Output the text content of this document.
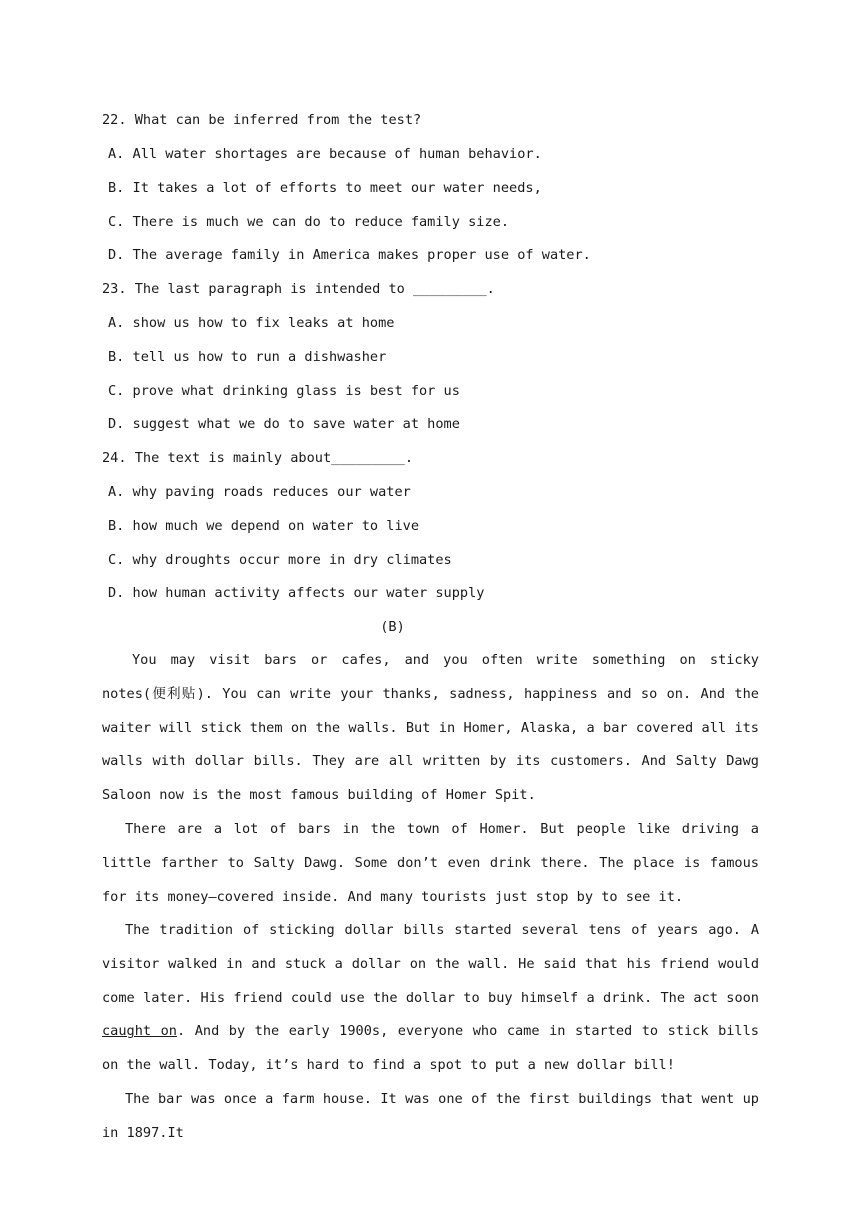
22. What can be inferred from the test?
A. All water shortages are because of human behavior.
B. It takes a lot of efforts to meet our water needs,
C. There is much we can do to reduce family size.
D. The average family in America makes proper use of water.
23. The last paragraph is intended to _________.
A. show us how to fix leaks at home
B. tell us how to run a dishwasher
C. prove what drinking glass is best for us
D. suggest what we do to save water at home
24. The text is mainly about_________.
A. why paving roads reduces our water
B. how much we depend on water to live
C. why droughts occur more in dry climates
D. how human activity affects our water supply
(B)
You may visit bars or cafes, and you often write something on sticky notes(便利贴). You can write your thanks, sadness, happiness and so on. And the waiter will stick them on the walls. But in Homer, Alaska, a bar covered all its walls with dollar bills. They are all written by its customers. And Salty Dawg Saloon now is the most famous building of Homer Spit.
There are a lot of bars in the town of Homer. But people like driving a little farther to Salty Dawg. Some don’t even drink there. The place is famous for its money—covered inside. And many tourists just stop by to see it.
The tradition of sticking dollar bills started several tens of years ago. A visitor walked in and stuck a dollar on the wall. He said that his friend would come later. His friend could use the dollar to buy himself a drink. The act soon caught on. And by the early 1900s, everyone who came in started to stick bills on the wall. Today, it’s hard to find a spot to put a new dollar bill!
The bar was once a farm house. It was one of the first buildings that went up in 1897.It
